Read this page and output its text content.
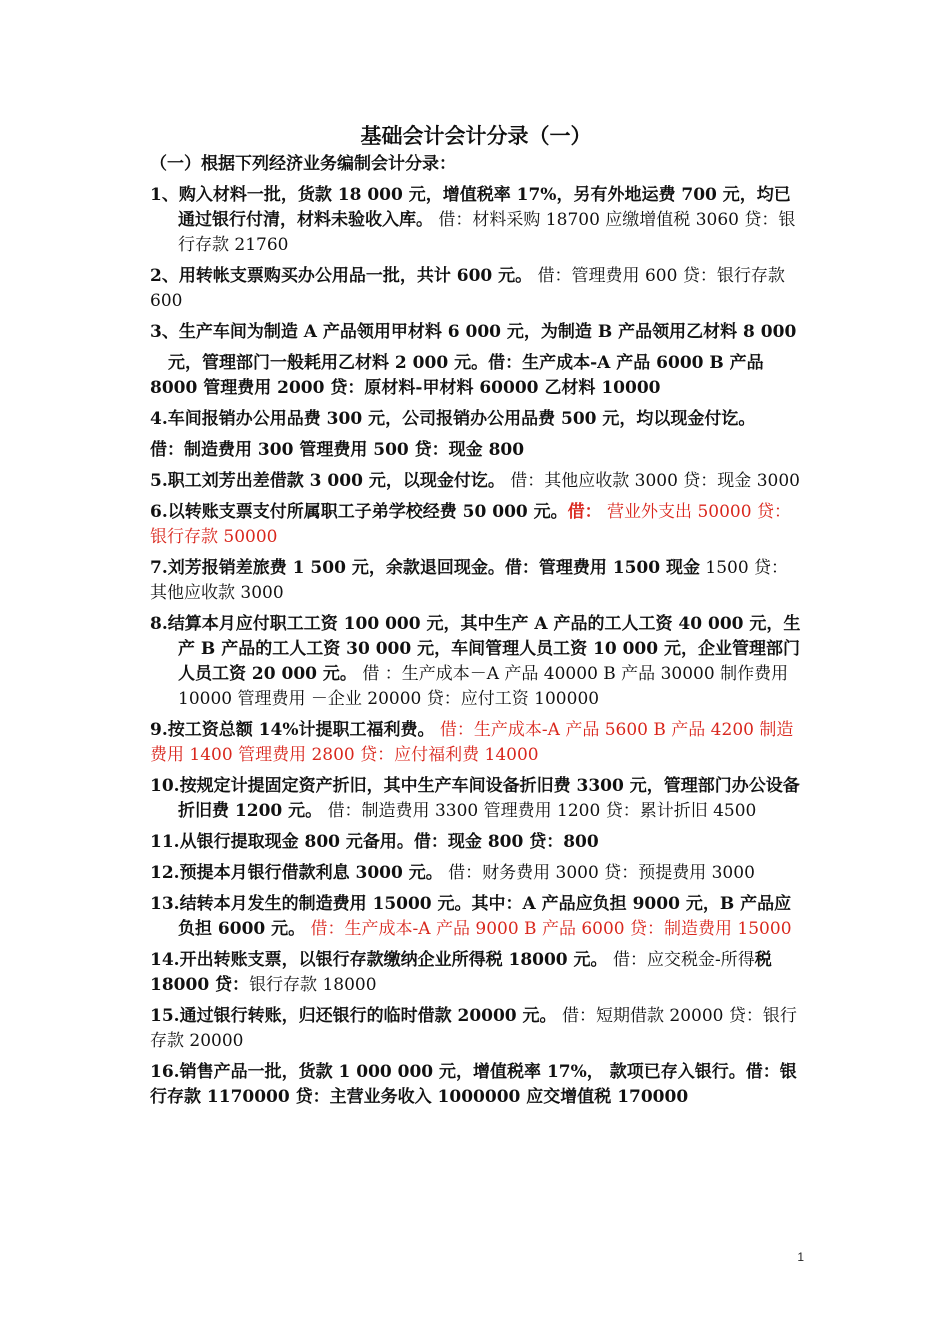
基础会计会计分录（一）
（一）根据下列经济业务编制会计分录：
1、购入材料一批，货款 18 000 元，增值税率 17%，另有外地运费 700 元，均已通过银行付清，材料未验收入库。 借：材料采购 18700 应缴增值税 3060 贷：银行存款 21760
2、用转帐支票购买办公用品一批，共计 600 元。 借：管理费用 600 贷：银行存款 600
3、生产车间为制造 A 产品领用甲材料 6 000 元，为制造 B 产品领用乙材料 8 000
元，管理部门一般耗用乙材料 2 000 元。借：生产成本-A 产品 6000 B 产品 8000 管理费用 2000 贷：原材料-甲材料 60000 乙材料 10000
4.车间报销办公用品费 300 元，公司报销办公用品费 500 元，均以现金付讫。
借：制造费用 300 管理费用 500 贷：现金 800
5.职工刘芳出差借款 3 000 元，以现金付讫。 借：其他应收款 3000 贷：现金 3000
6.以转账支票支付所属职工子弟学校经费 50 000 元。借： 营业外支出 50000 贷：银行存款 50000
7.刘芳报销差旅费 1 500 元，余款退回现金。借：管理费用 1500 现金 1500 贷：其他应收款 3000
8.结算本月应付职工工资 100 000 元，其中生产 A 产品的工人工资 40 000 元，生产 B 产品的工人工资 30 000 元，车间管理人员工资 10 000 元，企业管理部门人员工资 20 000 元。 借 ：生产成本－A 产品 40000 B 产品 30000 制作费用 10000 管理费用 －企业 20000 贷：应付工资 100000
9.按工资总额 14%计提职工福利费。 借：生产成本-A 产品 5600 B 产品 4200 制造费用 1400 管理费用 2800 贷：应付福利费 14000
10.按规定计提固定资产折旧，其中生产车间设备折旧费 3300 元，管理部门办公设备折旧费 1200 元。 借：制造费用 3300 管理费用 1200 贷：累计折旧 4500
11.从银行提取现金 800 元备用。借：现金 800 贷：800
12.预提本月银行借款利息 3000 元。 借：财务费用 3000 贷：预提费用 3000
13.结转本月发生的制造费用 15000 元。其中：A 产品应负担 9000 元，B 产品应负担 6000 元。 借：生产成本-A 产品 9000 B 产品 6000 贷：制造费用 15000
14.开出转账支票，以银行存款缴纳企业所得税 18000 元。 借：应交税金-所得税 18000 贷：银行存款 18000
15.通过银行转账，归还银行的临时借款 20000 元。 借：短期借款 20000 贷：银行存款 20000
16.销售产品一批，货款 1 000 000 元，增值税率 17%， 款项已存入银行。借：银行存款 1170000 贷：主营业务收入 1000000 应交增值税 170000
1
